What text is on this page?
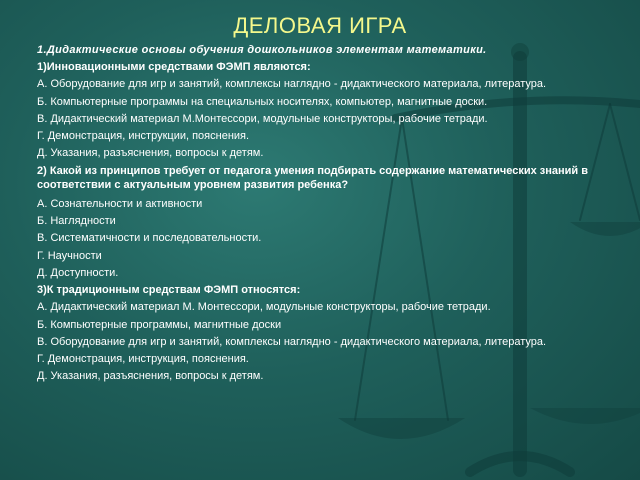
ДЕЛОВАЯ ИГРА
1.Дидактические основы обучения дошкольников элементам математики.
1)Инновационными средствами ФЭМП являются:
А. Оборудование для игр и занятий, комплексы наглядно - дидактического материала, литература.
Б. Компьютерные программы на специальных носителях, компьютер, магнитные доски.
В. Дидактический материал М.Монтессори, модульные конструкторы, рабочие тетради.
Г. Демонстрация, инструкции, пояснения.
Д. Указания, разъяснения, вопросы к детям.
2) Какой из принципов требует от педагога умения подбирать содержание математических знаний в соответствии с актуальным уровнем развития ребенка?
А. Сознательности и активности
Б. Наглядности
В. Систематичности и последовательности.
Г. Научности
Д. Доступности.
3)К традиционным средствам ФЭМП относятся:
А. Дидактический материал М. Монтессори, модульные конструкторы, рабочие тетради.
Б. Компьютерные программы, магнитные доски
В. Оборудование для игр и занятий, комплексы наглядно - дидактического материала, литература.
Г. Демонстрация, инструкция, пояснения.
Д. Указания, разъяснения, вопросы к детям.
